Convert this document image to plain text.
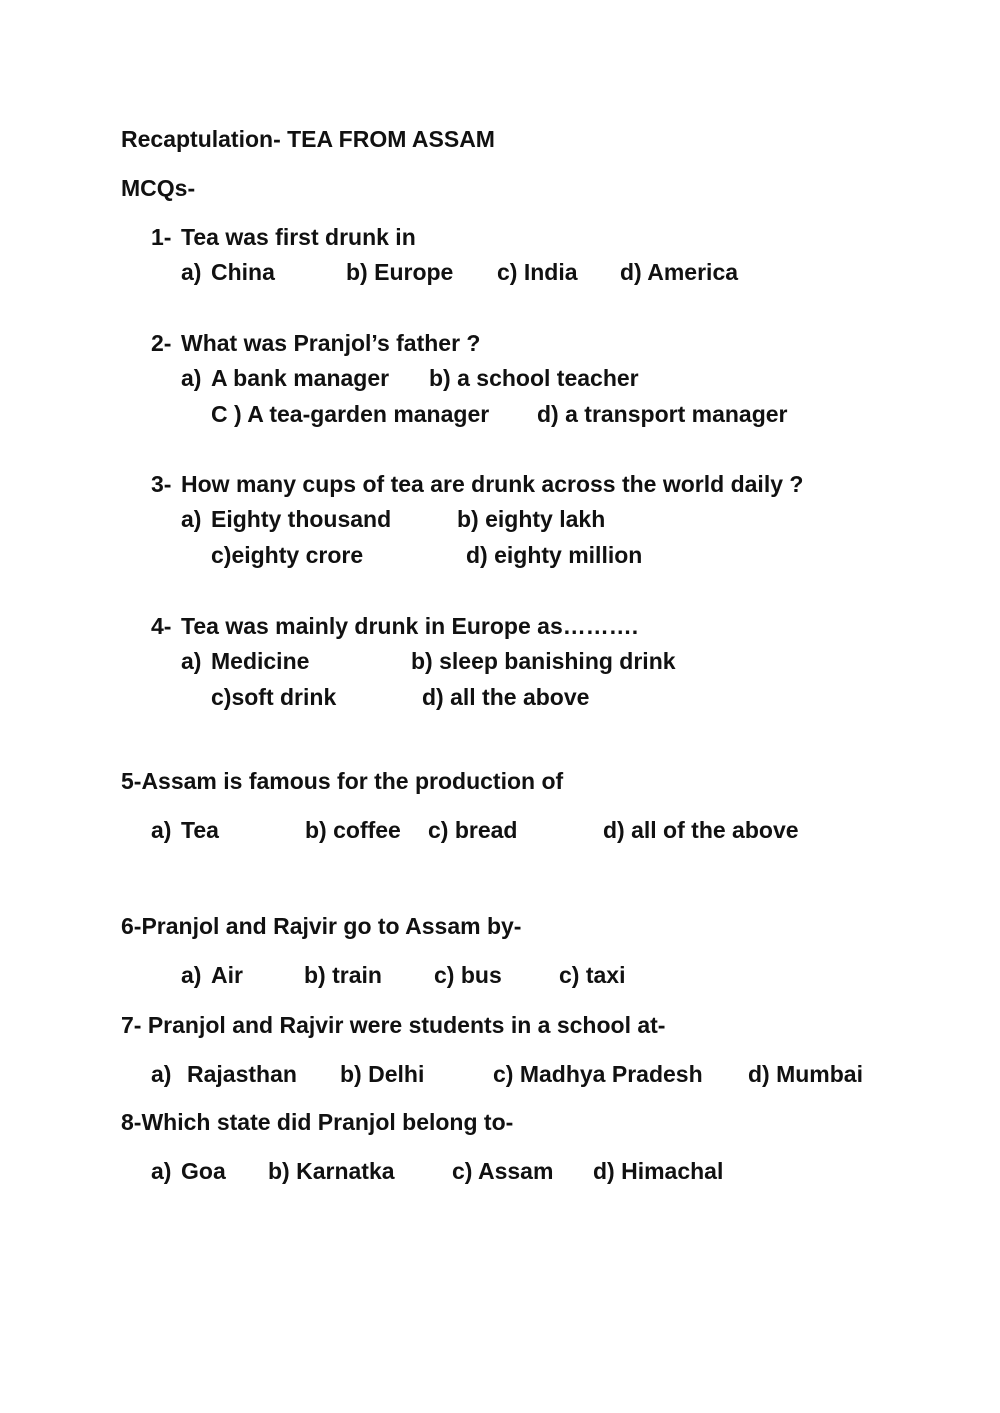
Recaptulation- TEA FROM ASSAM
MCQs-
1- Tea was first drunk in
a) China	b) Europe c) India d) America
2- What was Pranjol’s father ?
a) A bank manager b) a school teacher
C ) A tea-garden manager d) a transport manager
3- How many cups of tea are drunk across the world daily ?
a) Eighty thousand	b) eighty lakh
c)eighty crore	d) eighty million
4- Tea was mainly drunk in Europe as……….
a) Medicine	b) sleep banishing drink
c)soft drink	d) all the above
5-Assam is famous for the production of
a) Tea	b) coffee c) bread	d) all of the above
6-Pranjol and Rajvir go to Assam by-
a) Air	b) train c) bus c) taxi
7- Pranjol and Rajvir were students in a school at-
a) Rajasthan b) Delhi	c) Madhya Pradesh d) Mumbai
8-Which state did Pranjol belong to-
a) Goa b) Karnatka c) Assam d) Himachal
